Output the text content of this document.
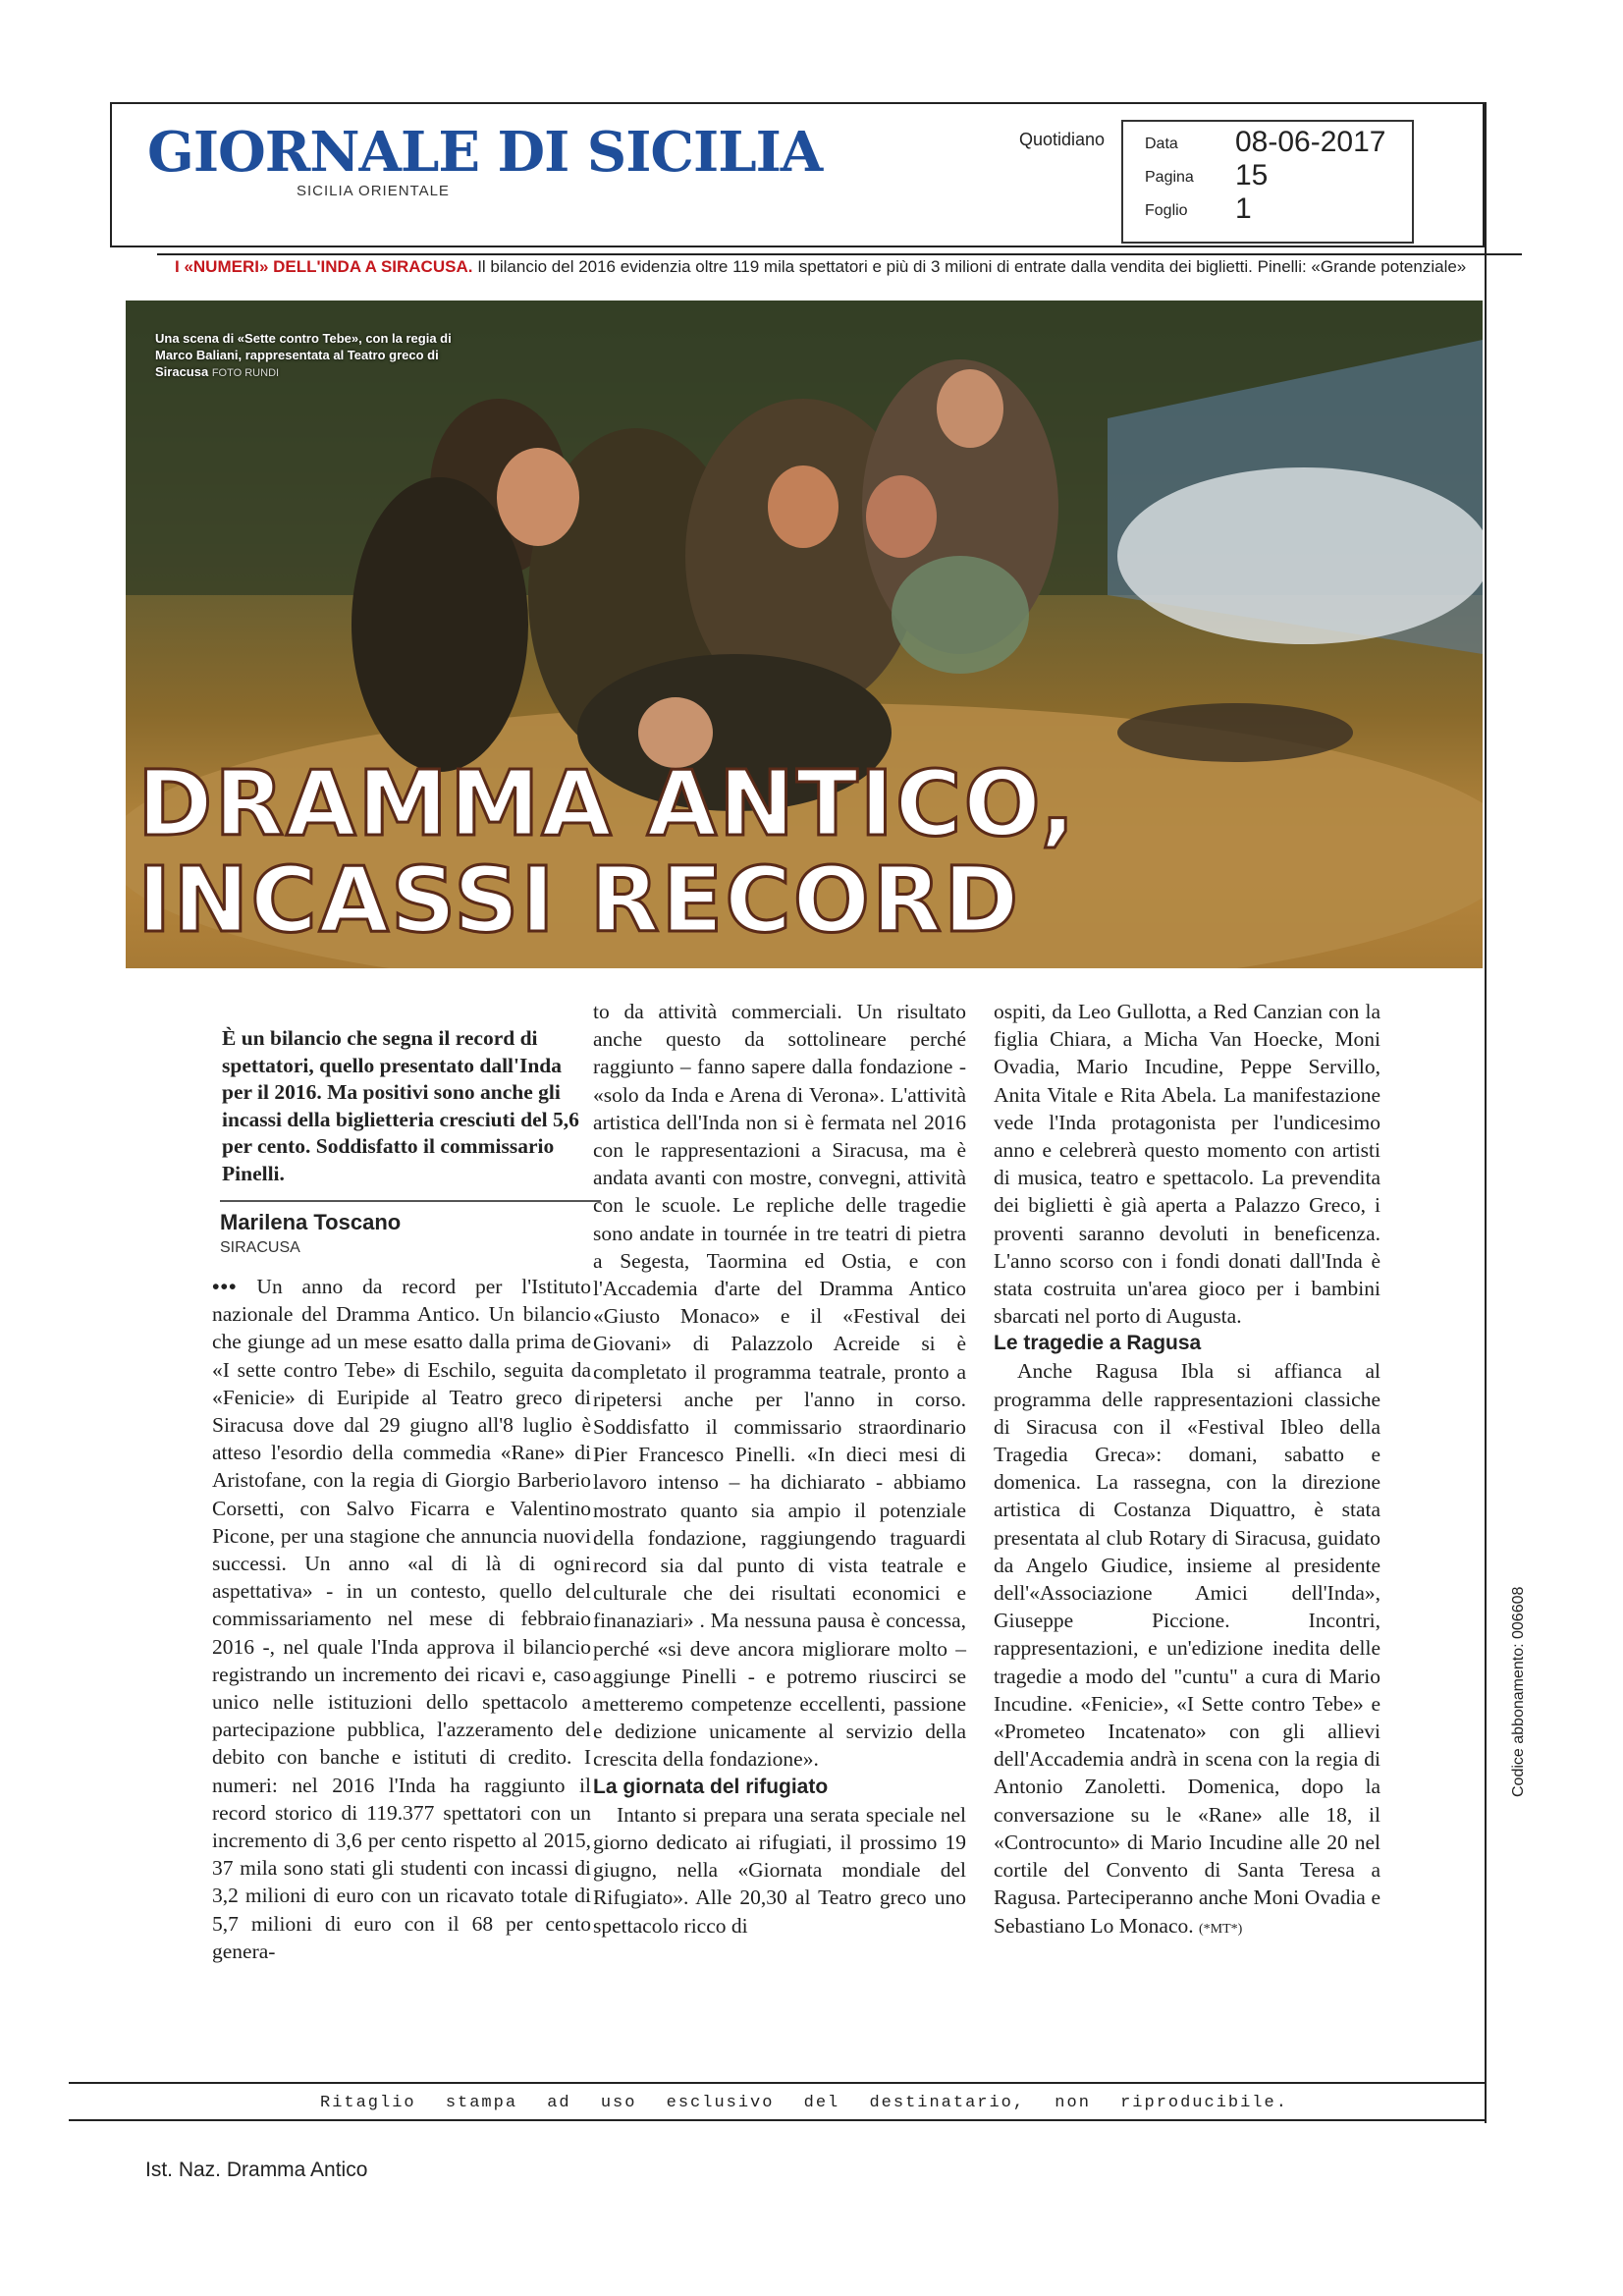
GIORNALE DI SICILIA
SICILIA ORIENTALE
Quotidiano	Data 08-06-2017
Pagina 15
Foglio 1
I «NUMERI» DELL'INDA A SIRACUSA. Il bilancio del 2016 evidenzia oltre 119 mila spettatori e più di 3 milioni di entrate dalla vendita dei biglietti. Pinelli: «Grande potenziale»
Una scena di «Sette contro Tebe», con la regia di Marco Baliani, rappresentata al Teatro greco di Siracusa FOTO RUNDI
DRAMMA ANTICO,
INCASSI RECORD
È un bilancio che segna il record di spettatori, quello presentato dall'Inda per il 2016. Ma positivi sono anche gli incassi della biglietteria cresciuti del 5,6 per cento. Soddisfatto il commissario Pinelli.
Marilena Toscano
SIRACUSA
••• Un anno da record per l'Istituto nazionale del Dramma Antico. Un bilancio che giunge ad un mese esatto dalla prima de «I sette contro Tebe» di Eschilo, seguita da «Fenicie» di Euripide al Teatro greco di Siracusa dove dal 29 giugno all'8 luglio è atteso l'esordio della commedia «Rane» di Aristofane, con la regia di Giorgio Barberio Corsetti, con Salvo Ficarra e Valentino Picone, per una stagione che annuncia nuovi successi. Un anno «al di là di ogni aspettativa» - in un contesto, quello del commissariamento nel mese di febbraio 2016 -, nel quale l'Inda approva il bilancio registrando un incremento dei ricavi e, caso unico nelle istituzioni dello spettacolo a partecipazione pubblica, l'azzeramento del debito con banche e istituti di credito. I numeri: nel 2016 l'Inda ha raggiunto il record storico di 119.377 spettatori con un incremento di 3,6 per cento rispetto al 2015, 37 mila sono stati gli studenti con incassi di 3,2 milioni di euro con un ricavato totale di 5,7 milioni di euro con il 68 per cento genera-
to da attività commerciali. Un risultato anche questo da sottolineare perché raggiunto – fanno sapere dalla fondazione - «solo da Inda e Arena di Verona». L'attività artistica dell'Inda non si è fermata nel 2016 con le rappresentazioni a Siracusa, ma è andata avanti con mostre, convegni, attività con le scuole. Le repliche delle tragedie sono andate in tournée in tre teatri di pietra a Segesta, Taormina ed Ostia, e con l'Accademia d'arte del Dramma Antico «Giusto Monaco» e il «Festival dei Giovani» di Palazzolo Acreide si è completato il programma teatrale, pronto a ripetersi anche per l'anno in corso. Soddisfatto il commissario straordinario Pier Francesco Pinelli. «In dieci mesi di lavoro intenso – ha dichiarato - abbiamo mostrato quanto sia ampio il potenziale della fondazione, raggiungendo traguardi record sia dal punto di vista teatrale e culturale che dei risultati economici e finanaziari» . Ma nessuna pausa è concessa, perché «si deve ancora migliorare molto – aggiunge Pinelli - e potremo riuscirci se metteremo competenze eccellenti, passione e dedizione unicamente al servizio della crescita della fondazione».
La giornata del rifugiato
Intanto si prepara una serata speciale nel giorno dedicato ai rifugiati, il prossimo 19 giugno, nella «Giornata mondiale del Rifugiato». Alle 20,30 al Teatro greco uno spettacolo ricco di
ospiti, da Leo Gullotta, a Red Canzian con la figlia Chiara, a Micha Van Hoecke, Moni Ovadia, Mario Incudine, Peppe Servillo, Anita Vitale e Rita Abela. La manifestazione vede l'Inda protagonista per l'undicesimo anno e celebrerà questo momento con artisti di musica, teatro e spettacolo. La prevendita dei biglietti è già aperta a Palazzo Greco, i proventi saranno devoluti in beneficenza. L'anno scorso con i fondi donati dall'Inda è stata costruita un'area gioco per i bambini sbarcati nel porto di Augusta.
Le tragedie a Ragusa
Anche Ragusa Ibla si affianca al programma delle rappresentazioni classiche di Siracusa con il «Festival Ibleo della Tragedia Greca»: domani, sabatto e domenica. La rassegna, con la direzione artistica di Costanza Diquattro, è stata presentata al club Rotary di Siracusa, guidato da Angelo Giudice, insieme al presidente dell'«Associazione Amici dell'Inda», Giuseppe Piccione. Incontri, rappresentazioni, e un'edizione inedita delle tragedie a modo del "cuntu" a cura di Mario Incudine. «Fenicie», «I Sette contro Tebe» e «Prometeo Incatenato» con gli allievi dell'Accademia andrà in scena con la regia di Antonio Zanoletti. Domenica, dopo la conversazione su le «Rane» alle 18, il «Controcunto» di Mario Incudine alle 20 nel cortile del Convento di Santa Teresa a Ragusa. Parteciperanno anche Moni Ovadia e Sebastiano Lo Monaco. (*MT*)
Ritaglio stampa ad uso esclusivo del destinatario, non riproducibile.
Codice abbonamento: 006608
Ist. Naz. Dramma Antico
